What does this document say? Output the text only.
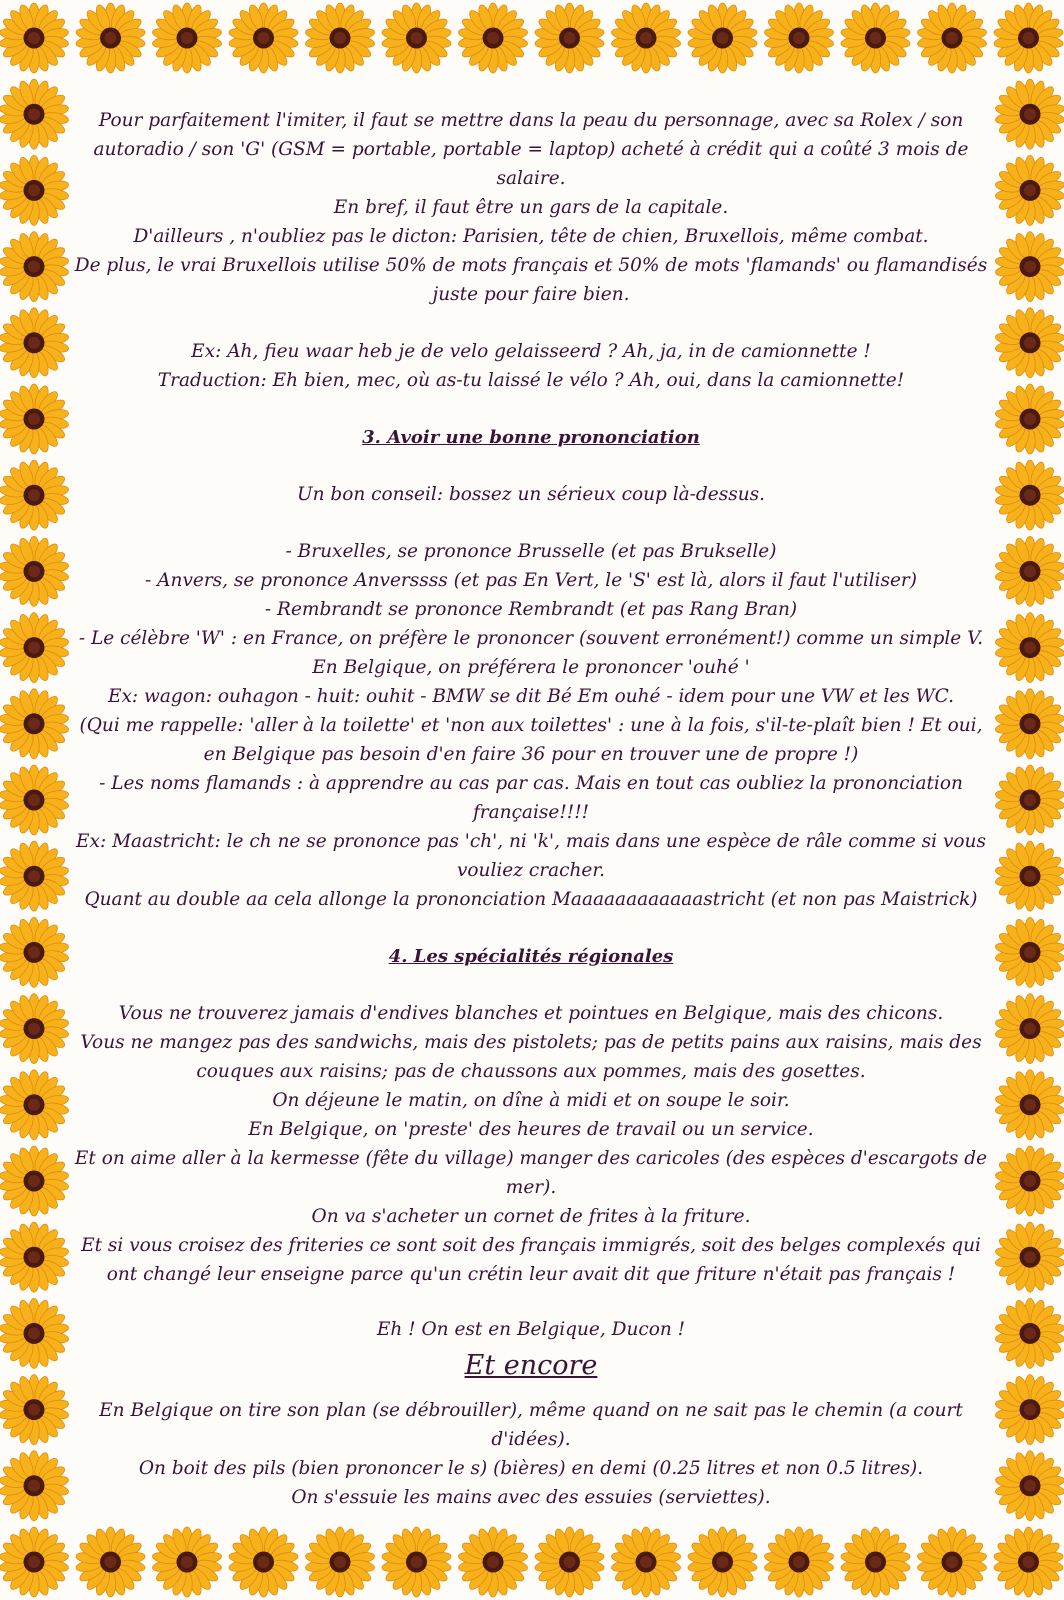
Pour parfaitement l'imiter, il faut se mettre dans la peau du personnage, avec sa Rolex / son autoradio / son 'G' (GSM = portable, portable = laptop) acheté à crédit qui a coûté 3 mois de salaire.

En bref, il faut être un gars de la capitale.

D'ailleurs , n'oubliez pas le dicton: Parisien, tête de chien, Bruxellois, même combat.

De plus, le vrai Bruxellois utilise 50% de mots français et 50% de mots 'flamands' ou flamandisés juste pour faire bien.

Ex: Ah, fieu waar heb je de velo gelaisseerd ? Ah, ja, in de camionnette !

Traduction: Eh bien, mec, où as-tu laissé le vélo ? Ah, oui, dans la camionnette!

3. Avoir une bonne prononciation

Un bon conseil: bossez un sérieux coup là-dessus.

- Bruxelles, se prononce Brusselle (et pas Brukselle)

- Anvers, se prononce Anverssss (et pas En Vert, le 'S' est là, alors il faut l'utiliser)

- Rembrandt se prononce Rembrandt (et pas Rang Bran)

- Le célèbre 'W' : en France, on préfère le prononcer (souvent erronément!) comme un simple V. En Belgique, on préférera le prononcer 'ouhé '

Ex: wagon: ouhagon - huit: ouhit - BMW se dit Bé Em ouhé - idem pour une VW et les WC.

(Qui me rappelle: 'aller à la toilette' et 'non aux toilettes' : une à la fois, s'il-te-plaît bien ! Et oui, en Belgique pas besoin d'en faire 36 pour en trouver une de propre !)

- Les noms flamands : à apprendre au cas par cas. Mais en tout cas oubliez la prononciation française!!!!

Ex: Maastricht: le ch ne se prononce pas 'ch', ni 'k', mais dans une espèce de râle comme si vous vouliez cracher.

Quant au double aa cela allonge la prononciation Maaaaaaaaaaaastricht (et non pas Maistrick)

4. Les spécialités régionales

Vous ne trouverez jamais d'endives blanches et pointues en Belgique, mais des chicons.

Vous ne mangez pas des sandwichs, mais des pistolets; pas de petits pains aux raisins, mais des couques aux raisins; pas de chaussons aux pommes, mais des gosettes.

On déjeune le matin, on dîne à midi et on soupe le soir.

En Belgique, on 'preste' des heures de travail ou un service.

Et on aime aller à la kermesse (fête du village) manger des caricoles (des espèces d'escargots de mer).

On va s'acheter un cornet de frites à la friture.

Et si vous croisez des friteries ce sont soit des français immigrés, soit des belges complexés qui ont changé leur enseigne parce qu'un crétin leur avait dit que friture n'était pas français !

Eh ! On est en Belgique, Ducon !

Et encore

En Belgique on tire son plan (se débrouiller), même quand on ne sait pas le chemin (a court d'idées).

On boit des pils (bien prononcer le s) (bières) en demi (0.25 litres et non 0.5 litres).

On s'essuie les mains avec des essuies (serviettes).
